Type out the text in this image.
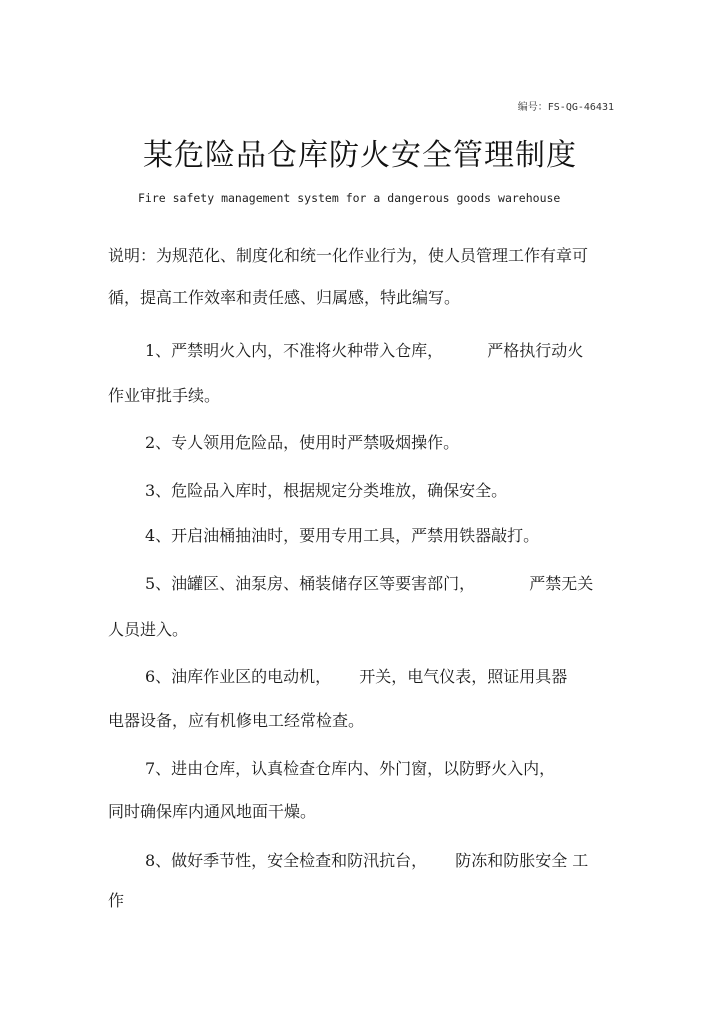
编号：FS-QG-46431
某危险品仓库防火安全管理制度
Fire safety management system for a dangerous goods warehouse
说明：为规范化、制度化和统一化作业行为，使人员管理工作有章可
循，提高工作效率和责任感、归属感，特此编写。
1、严禁明火入内，不准将火种带入仓库，	严格执行动火
作业审批手续。
2、专人领用危险品，使用时严禁吸烟操作。
3、危险品入库时，根据规定分类堆放，确保安全。
4、开启油桶抽油时，要用专用工具，严禁用铁器敲打。
5、油罐区、油泵房、桶装储存区等要害部门，	严禁无关
人员进入。
6、油库作业区的电动机， 开关，电气仪表，照证用具器
电器设备，应有机修电工经常检查。
7、进由仓库，认真检查仓库内、外门窗，以防野火入内，
同时确保库内通风地面干燥。
8、做好季节性，安全检查和防汛抗台， 防冻和防胀安全 工
作
